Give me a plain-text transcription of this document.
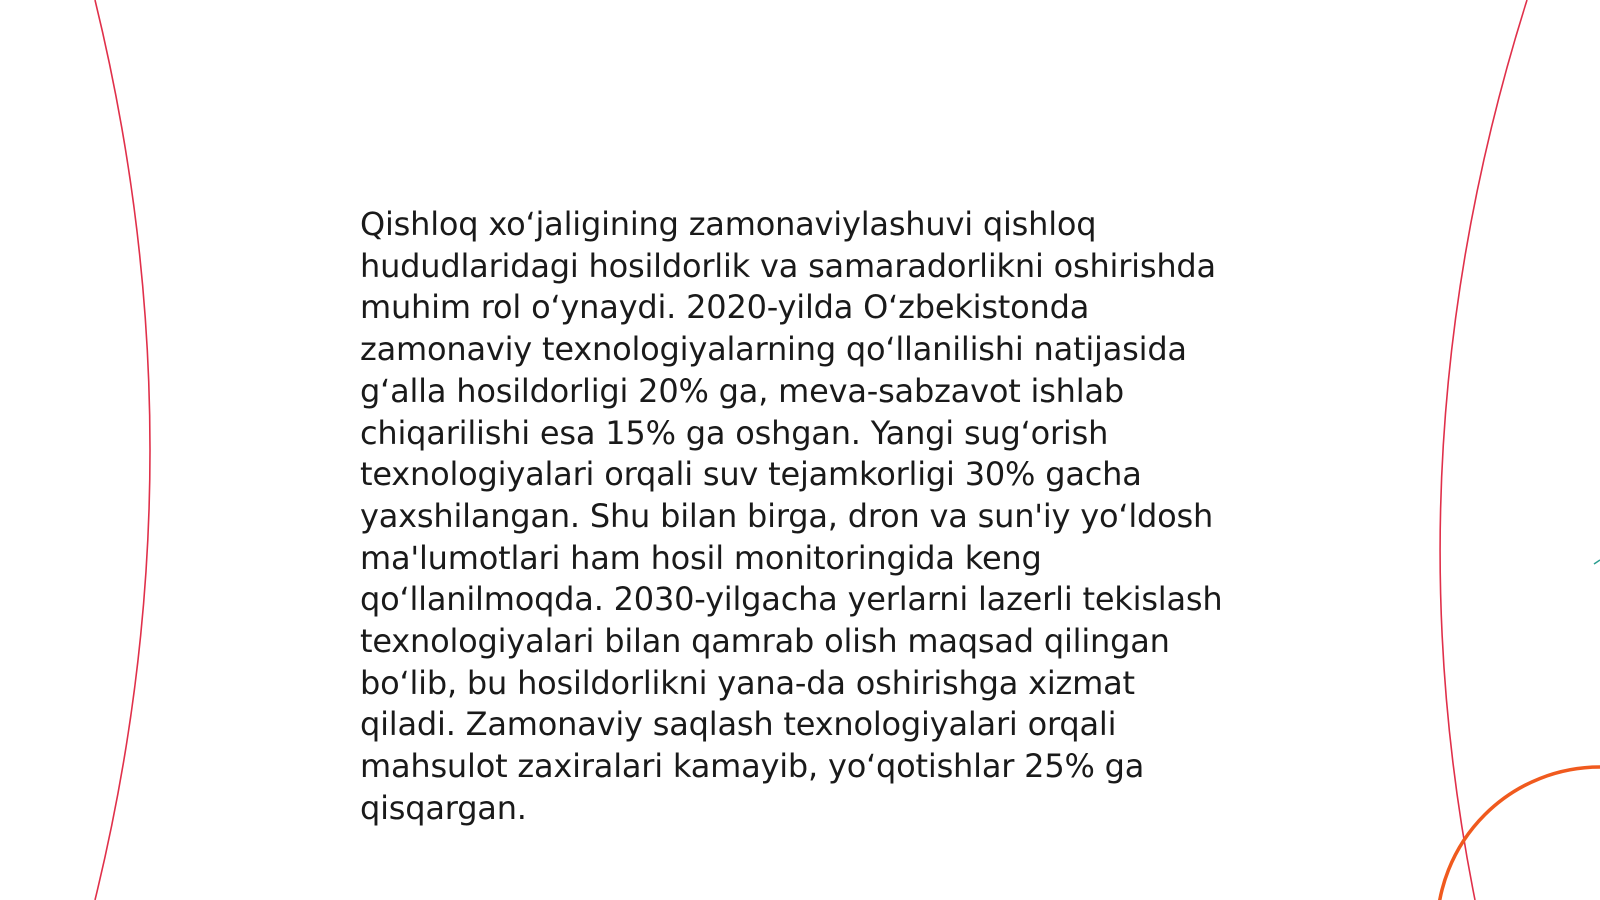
Qishloq xo‘jaligining zamonaviylashuvi qishloq hududlaridagi hosildorlik va samaradorlikni oshirishda muhim rol o‘ynaydi. 2020-yilda O‘zbekistonda zamonaviy texnologiyalarning qo‘llanilishi natijasida g‘alla hosildorligi 20% ga, meva-sabzavot ishlab chiqarilishi esa 15% ga oshgan. Yangi sug‘orish texnologiyalari orqali suv tejamkorligi 30% gacha yaxshilangan. Shu bilan birga, dron va sun'iy yo‘ldosh ma'lumotlari ham hosil monitoringida keng qo‘llanilmoqda. 2030-yilgacha yerlarni lazerli tekislash texnologiyalari bilan qamrab olish maqsad qilingan bo‘lib, bu hosildorlikni yana-da oshirishga xizmat qiladi. Zamonaviy saqlash texnologiyalari orqali mahsulot zaxiralari kamayib, yo‘qotishlar 25% ga qisqargan.
